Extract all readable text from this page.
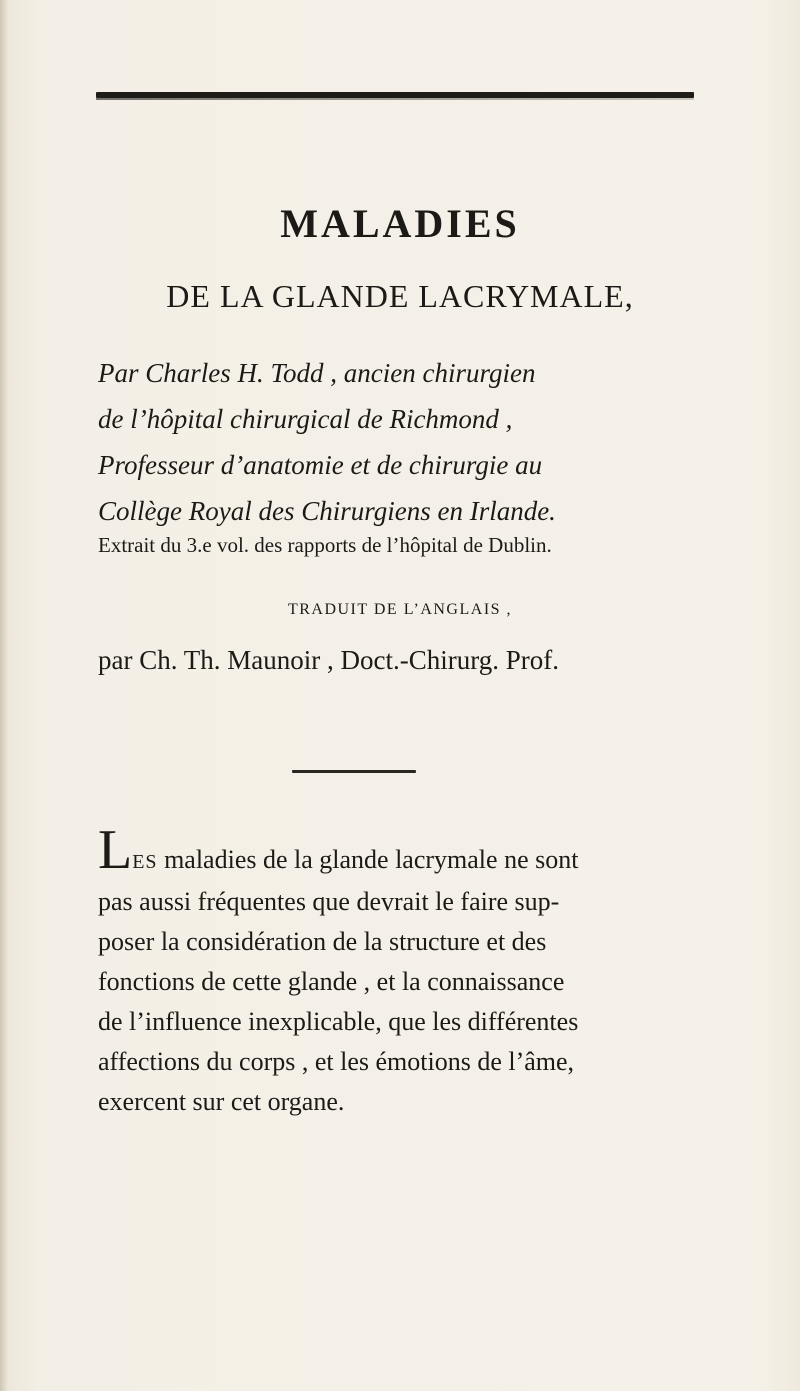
MALADIES
DE LA GLANDE LACRYMALE,
Par Charles H. Todd , ancien chirurgien
de l’hôpital chirurgical de Richmond ,
Professeur d’anatomie et de chirurgie au
Collège Royal des Chirurgiens en Irlande.
Extrait du 3.e vol. des rapports de l’hôpital de Dublin.
TRADUIT DE L’ANGLAIS ,
par Ch. Th. Maunoir , Doct.-Chirurg. Prof.
LES maladies de la glande lacrymale ne sont
pas aussi fréquentes que devrait le faire sup-
poser la considération de la structure et des
fonctions de cette glande , et la connaissance
de l’influence inexplicable, que les différentes
affections du corps , et les émotions de l’âme,
exercent sur cet organe.
